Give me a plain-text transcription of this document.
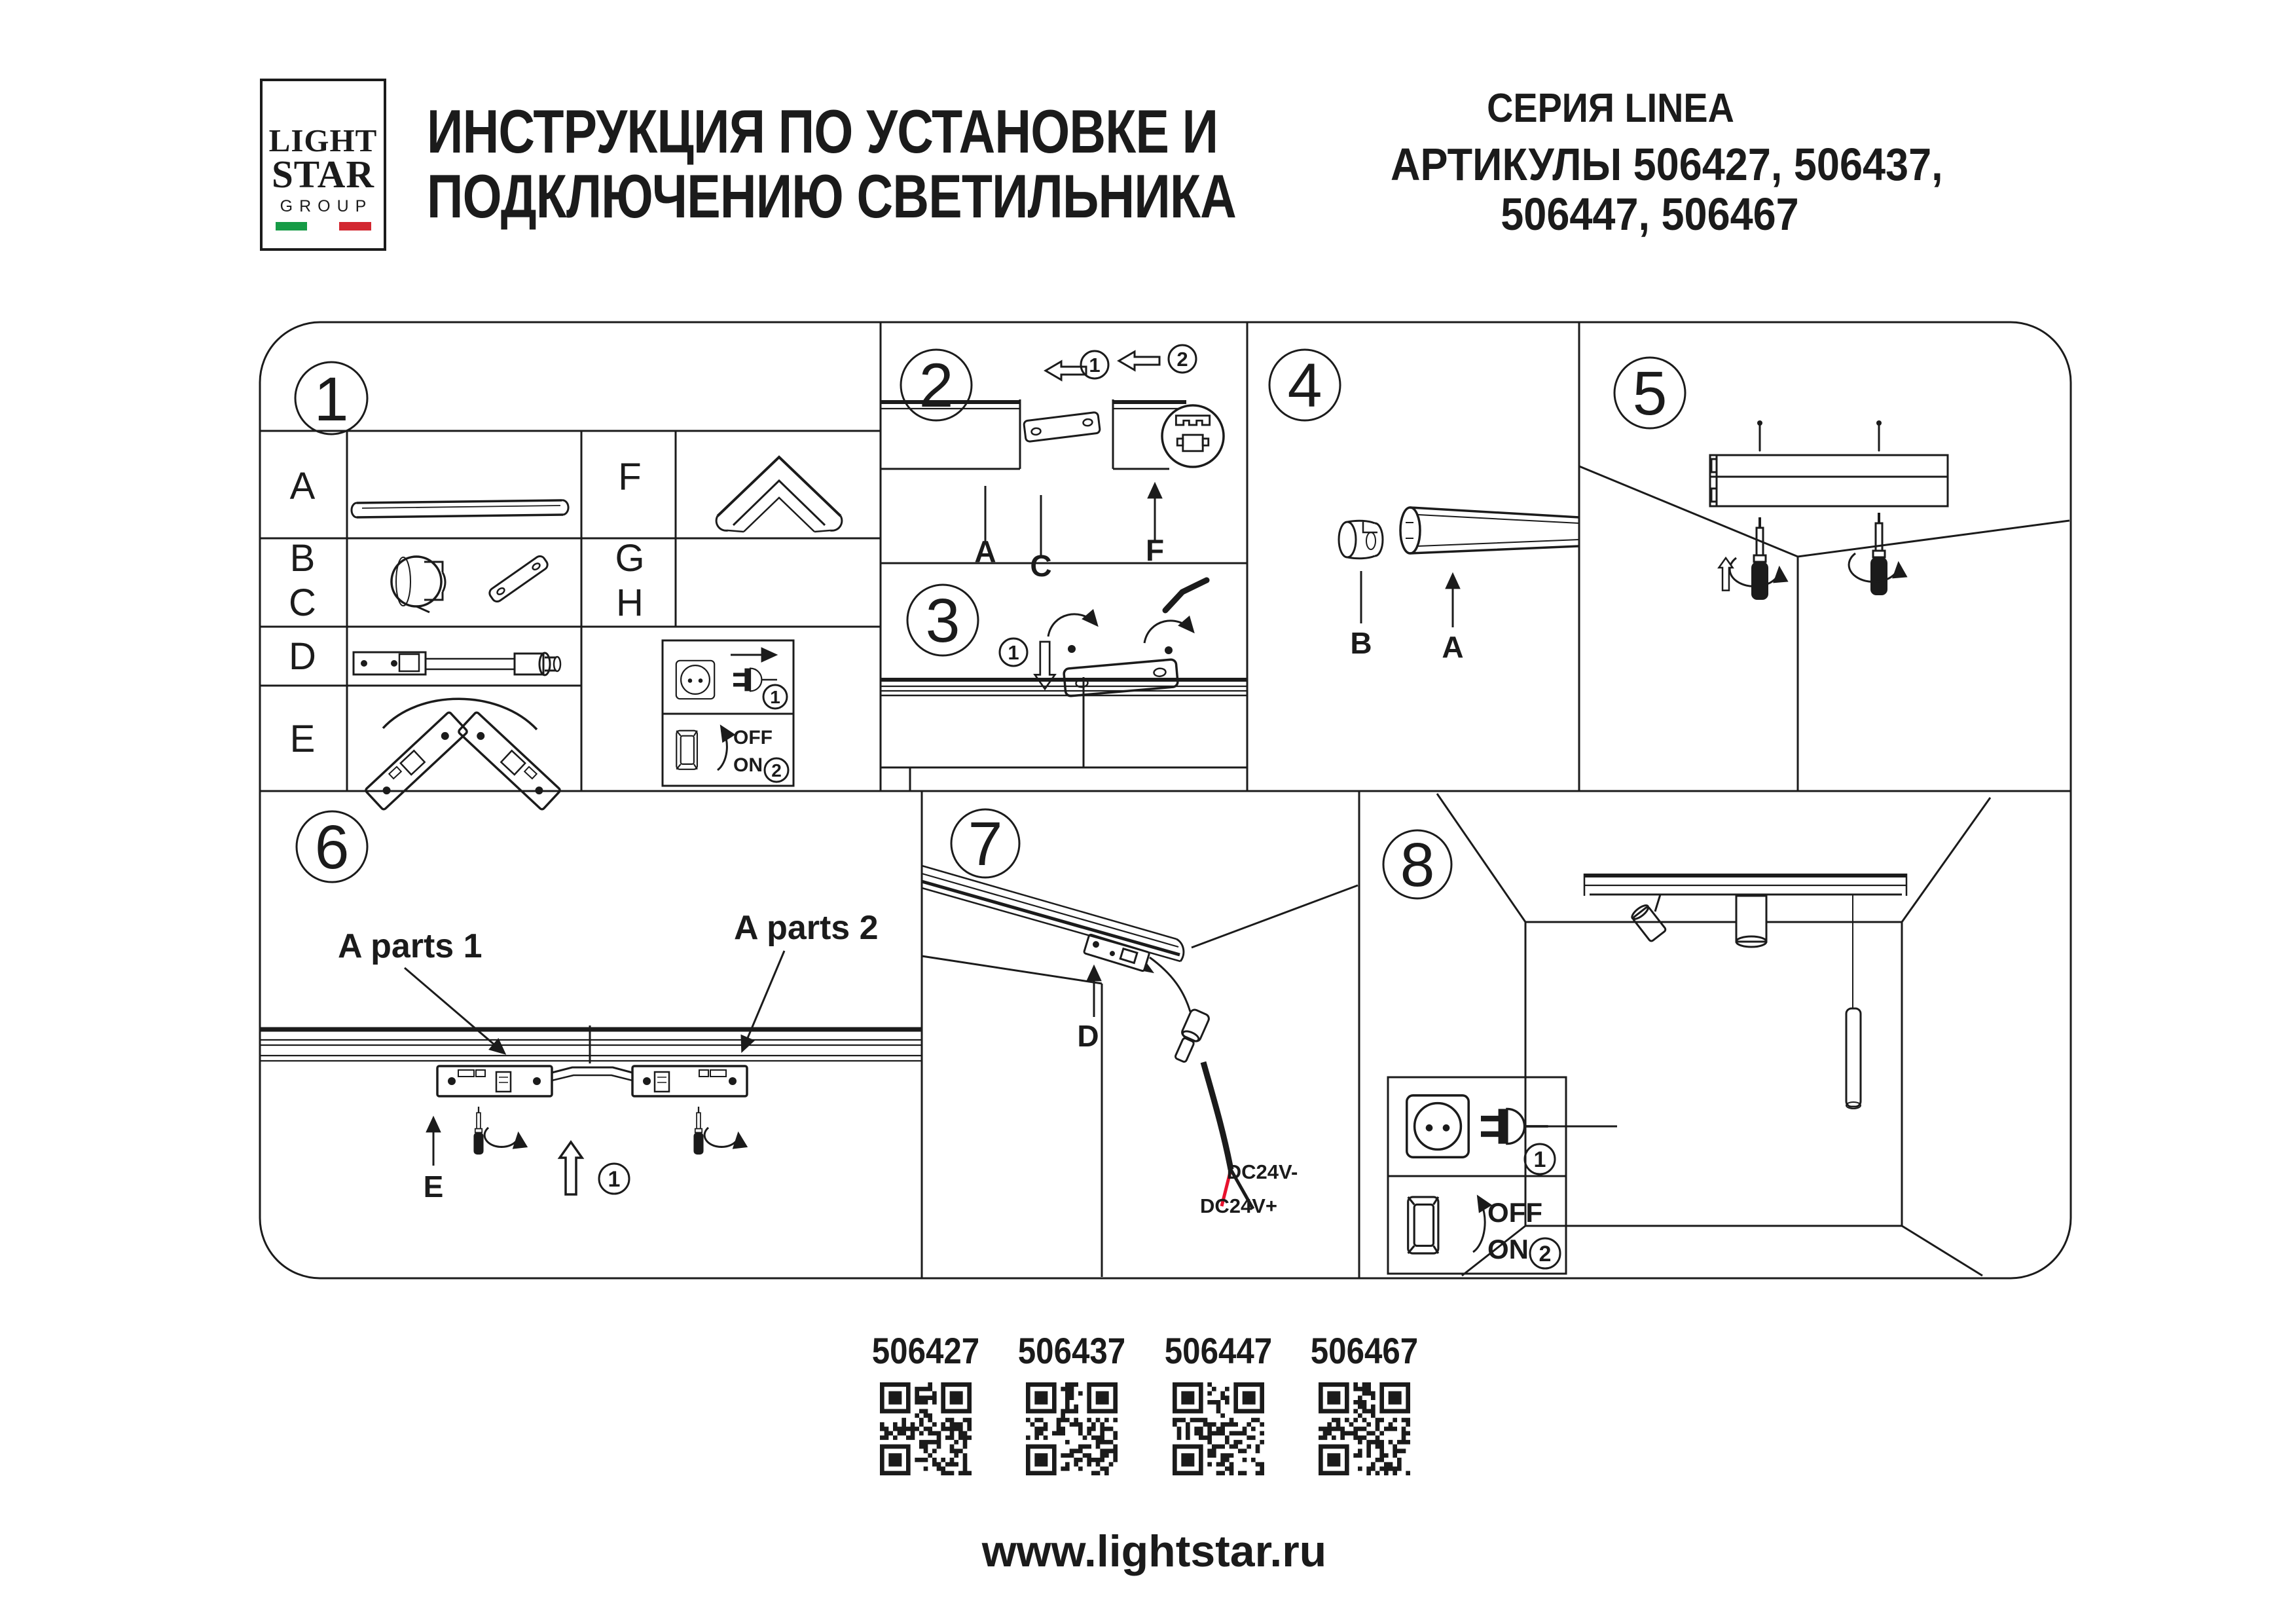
LIGHT
STAR
GROUP
ИНСТРУКЦИЯ ПО УСТАНОВКЕ И
ПОДКЛЮЧЕНИЮ СВЕТИЛЬНИКА
СЕРИЯ LINEA
АРТИКУЛЫ 506427, 506437,
506447, 506467
1
A
B
C
D
E
F
G
H
1
OFF
ON 2
1	2
A C	F
2
3 1
4
B A
5
6
A parts 1	A parts 2
E	1
D
DC24V-
DC24V+
7
1
OFF
ON 2
8
506427 506437 506447 506467
www.lightstar.ru
